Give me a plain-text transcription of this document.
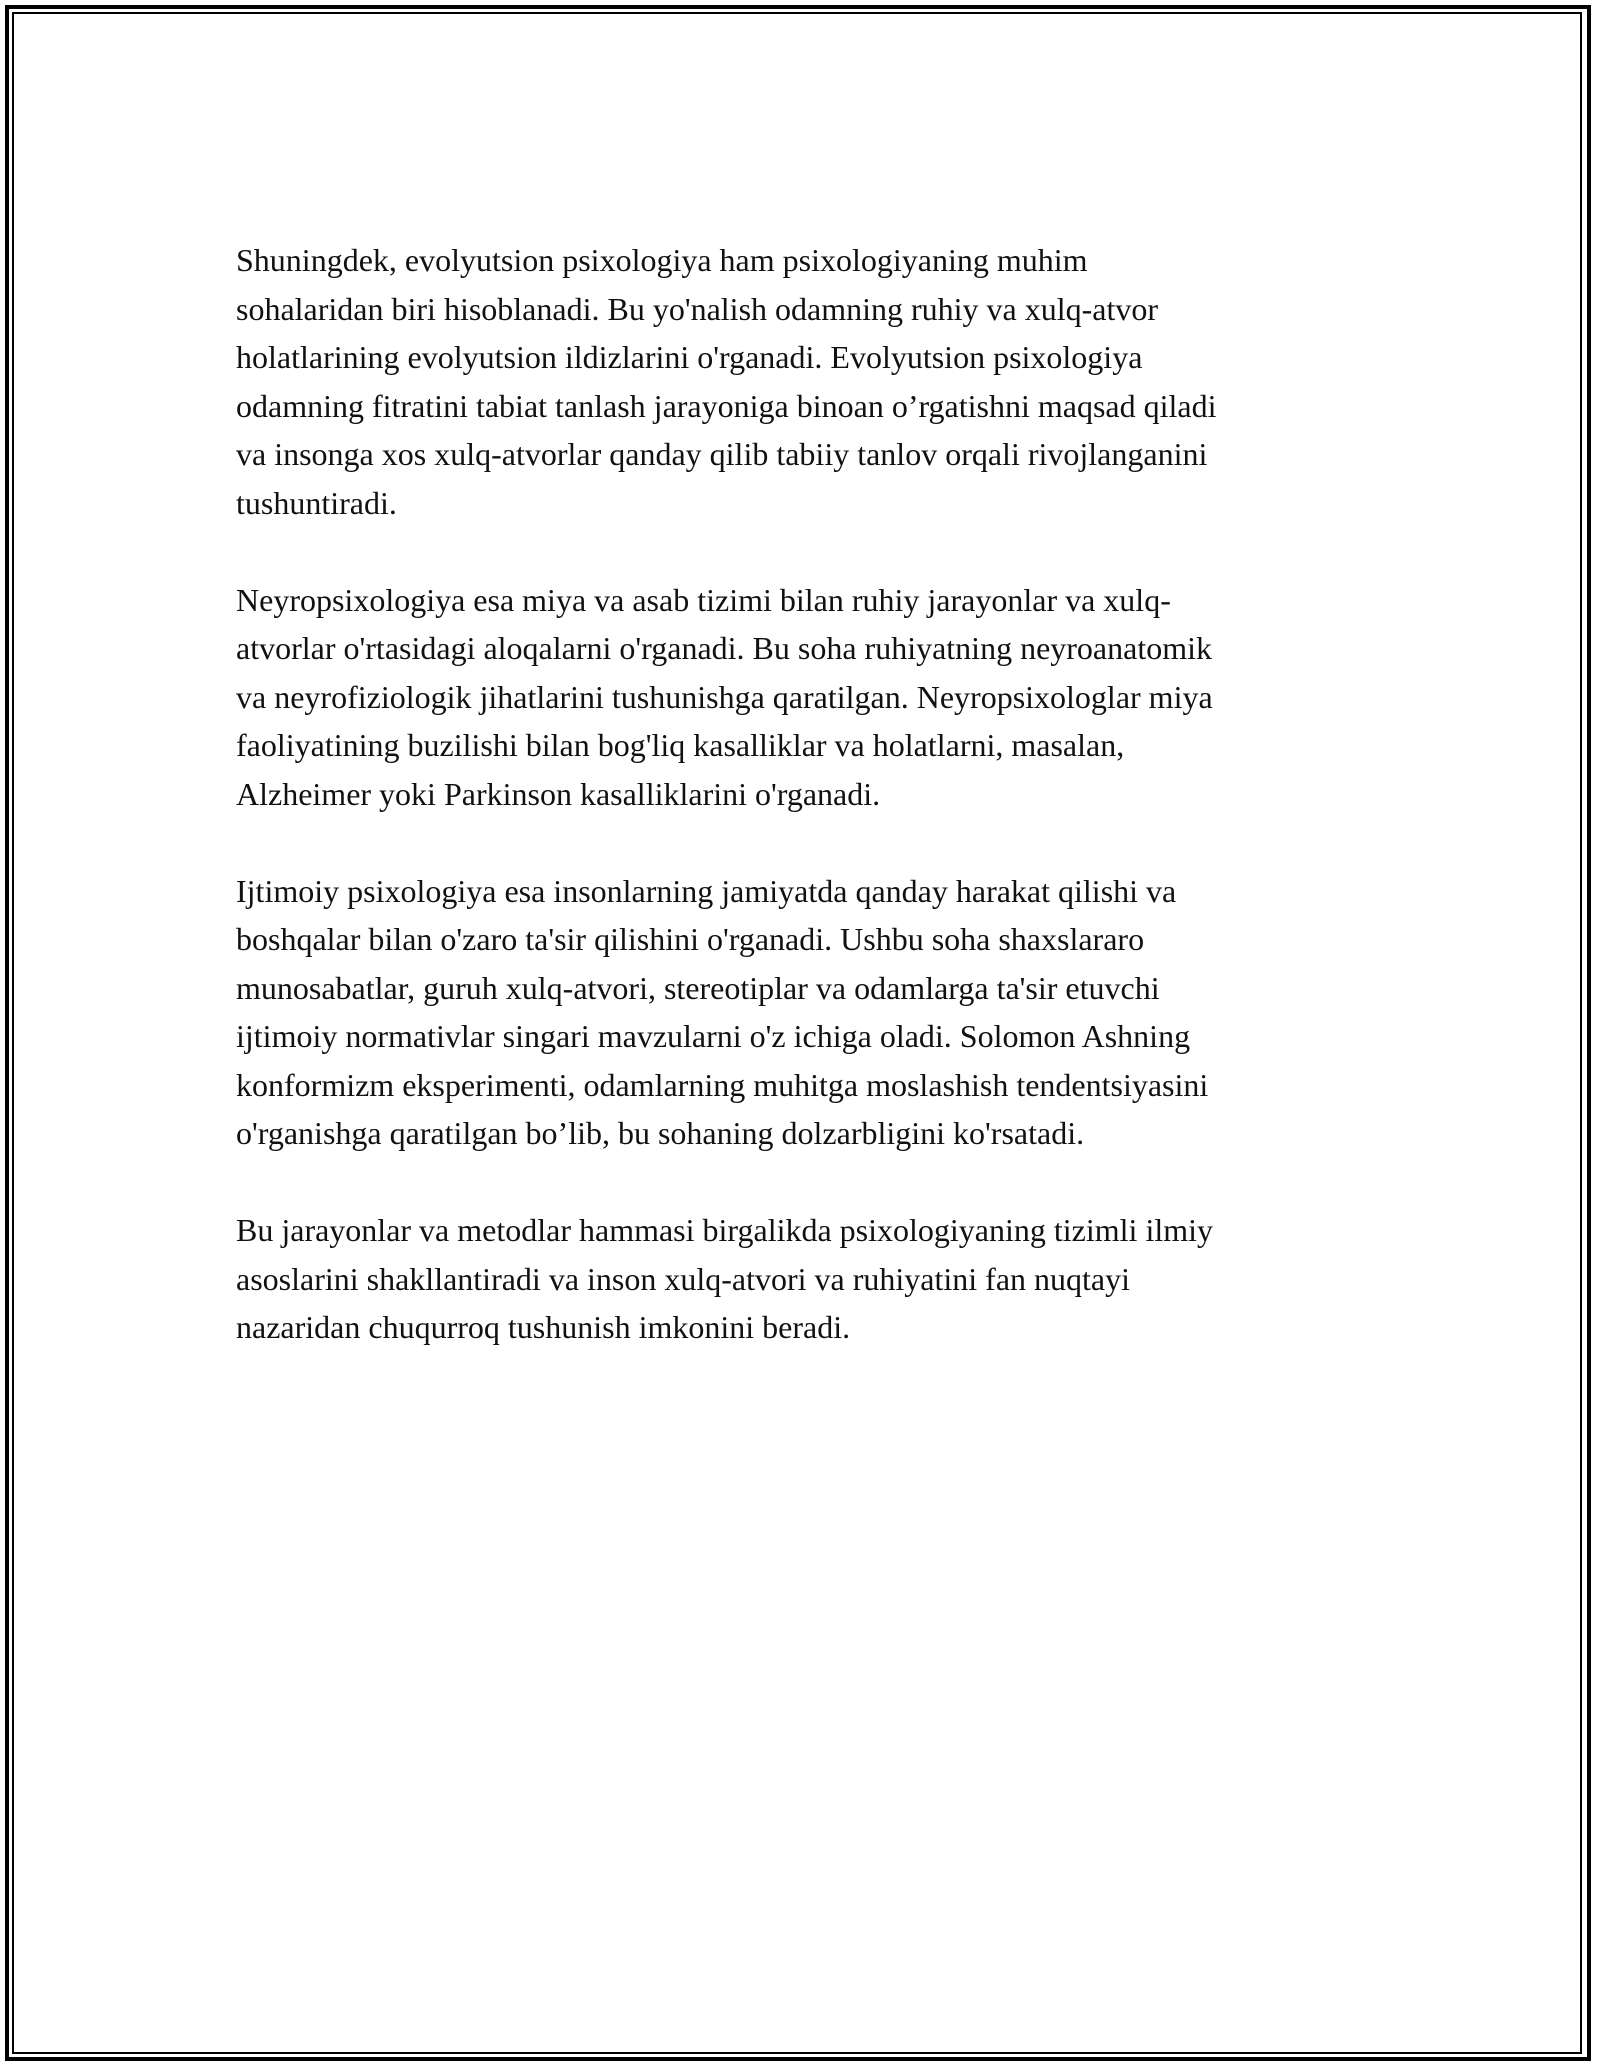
Shuningdek, evolyutsion psixologiya ham psixologiyaning muhim
sohalaridan biri hisoblanadi. Bu yo'nalish odamning ruhiy va xulq-atvor
holatlarining evolyutsion ildizlarini o'rganadi. Evolyutsion psixologiya
odamning fitratini tabiat tanlash jarayoniga binoan o’rgatishni maqsad qiladi
va insonga xos xulq-atvorlar qanday qilib tabiiy tanlov orqali rivojlanganini
tushuntiradi.

Neyropsixologiya esa miya va asab tizimi bilan ruhiy jarayonlar va xulq-
atvorlar o'rtasidagi aloqalarni o'rganadi. Bu soha ruhiyatning neyroanatomik
va neyrofiziologik jihatlarini tushunishga qaratilgan. Neyropsixologlar miya
faoliyatining buzilishi bilan bog'liq kasalliklar va holatlarni, masalan,
Alzheimer yoki Parkinson kasalliklarini o'rganadi.

Ijtimoiy psixologiya esa insonlarning jamiyatda qanday harakat qilishi va
boshqalar bilan o'zaro ta'sir qilishini o'rganadi. Ushbu soha shaxslararo
munosabatlar, guruh xulq-atvori, stereotiplar va odamlarga ta'sir etuvchi
ijtimoiy normativlar singari mavzularni o'z ichiga oladi. Solomon Ashning
konformizm eksperimenti, odamlarning muhitga moslashish tendentsiyasini
o'rganishga qaratilgan bo’lib, bu sohaning dolzarbligini ko'rsatadi.

Bu jarayonlar va metodlar hammasi birgalikda psixologiyaning tizimli ilmiy
asoslarini shakllantiradi va inson xulq-atvori va ruhiyatini fan nuqtayi
nazaridan chuqurroq tushunish imkonini beradi.
